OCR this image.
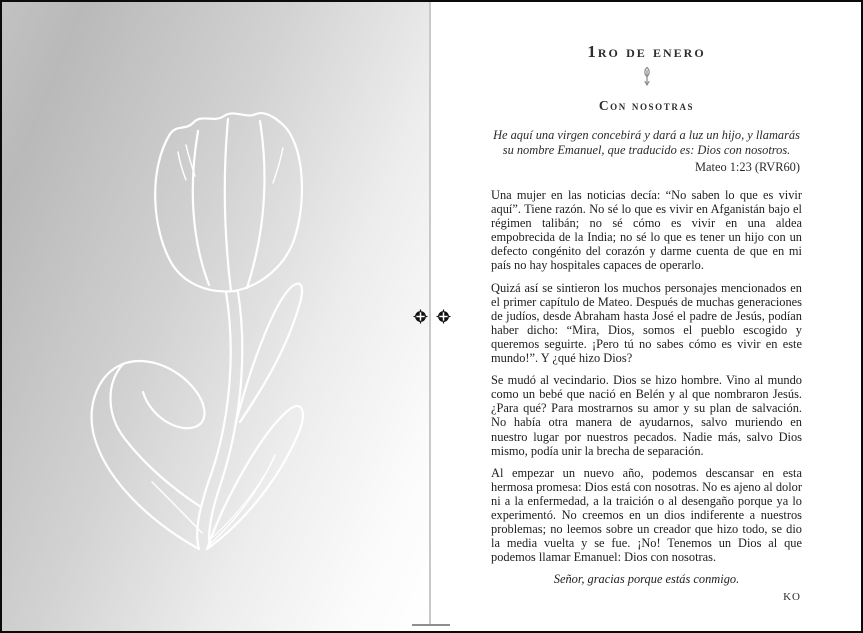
1ro de enero
Con nosotras
He aquí una virgen concebirá y dará a luz un hijo, y llamarás
su nombre Emanuel, que traducido es: Dios con nosotros.
Mateo 1:23 (RVR60)

Una mujer en las noticias decía: “No saben lo que es vivir aquí”. Tiene razón. No sé lo que es vivir en Afganistán bajo el régimen talibán; no sé cómo es vivir en una aldea empobrecida de la India; no sé lo que es tener un hijo con un defecto congénito del corazón y darme cuenta de que en mi país no hay hospitales capaces de operarlo.

Quizá así se sintieron los muchos personajes mencionados en el primer capítulo de Mateo. Después de muchas generaciones de judíos, desde Abraham hasta José el padre de Jesús, podían haber dicho: “Mira, Dios, somos el pueblo escogido y queremos seguirte. ¡Pero tú no sabes cómo es vivir en este mundo!”. Y ¿qué hizo Dios?

Se mudó al vecindario. Dios se hizo hombre. Vino al mundo como un bebé que nació en Belén y al que nombraron Jesús. ¿Para qué? Para mostrarnos su amor y su plan de salvación. No había otra manera de ayudarnos, salvo muriendo en nuestro lugar por nuestros pecados. Nadie más, salvo Dios mismo, podía unir la brecha de separación.

Al empezar un nuevo año, podemos descansar en esta hermosa promesa: Dios está con nosotras. No es ajeno al dolor ni a la enfermedad, a la traición o al desengaño porque ya lo experimentó. No creemos en un dios indiferente a nuestros problemas; no leemos sobre un creador que hizo todo, se dio la media vuelta y se fue. ¡No! Tenemos un Dios al que podemos llamar Emanuel: Dios con nosotras.

Señor, gracias porque estás conmigo.
KO
